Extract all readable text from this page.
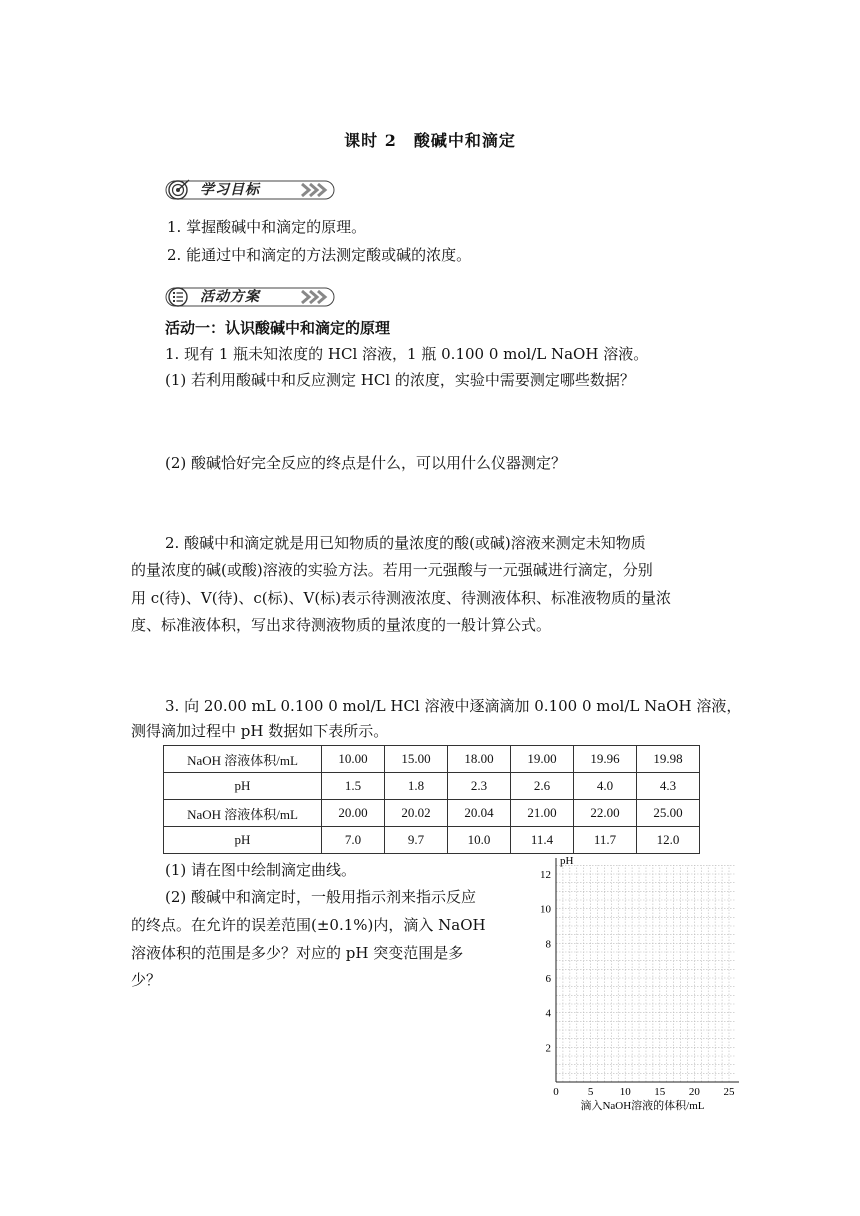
课时 2　酸碱中和滴定
学习目标
1. 掌握酸碱中和滴定的原理。
2. 能通过中和滴定的方法测定酸或碱的浓度。
活动方案
活动一：认识酸碱中和滴定的原理
1. 现有 1 瓶未知浓度的 HCl 溶液，1 瓶 0.100 0 mol/L NaOH 溶液。
(1) 若利用酸碱中和反应测定 HCl 的浓度，实验中需要测定哪些数据？
(2) 酸碱恰好完全反应的终点是什么，可以用什么仪器测定？
2. 酸碱中和滴定就是用已知物质的量浓度的酸(或碱)溶液来测定未知物质
的量浓度的碱(或酸)溶液的实验方法。若用一元强酸与一元强碱进行滴定，分别
用 c(待)、V(待)、c(标)、V(标)表示待测液浓度、待测液体积、标准液物质的量浓
度、标准液体积，写出求待测液物质的量浓度的一般计算公式。
3. 向 20.00 mL 0.100 0 mol/L HCl 溶液中逐滴滴加 0.100 0 mol/L NaOH 溶液，
测得滴加过程中 pH 数据如下表所示。
NaOH 溶液体积/mL	10.00	15.00	18.00	19.00	19.96	19.98
pH	1.5	1.8	2.3	2.6	4.0	4.3
NaOH 溶液体积/mL	20.00	20.02	20.04	21.00	22.00	25.00
pH	7.0	9.7	10.0	11.4	11.7	12.0
(1) 请在图中绘制滴定曲线。
(2) 酸碱中和滴定时，一般用指示剂来指示反应
的终点。在允许的误差范围(±0.1%)内，滴入 NaOH
溶液体积的范围是多少？对应的 pH 突变范围是多
少？
0	5 10 15 20 25
2
4
6
8
10
12
pH
滴入NaOH溶液的体积/mL
